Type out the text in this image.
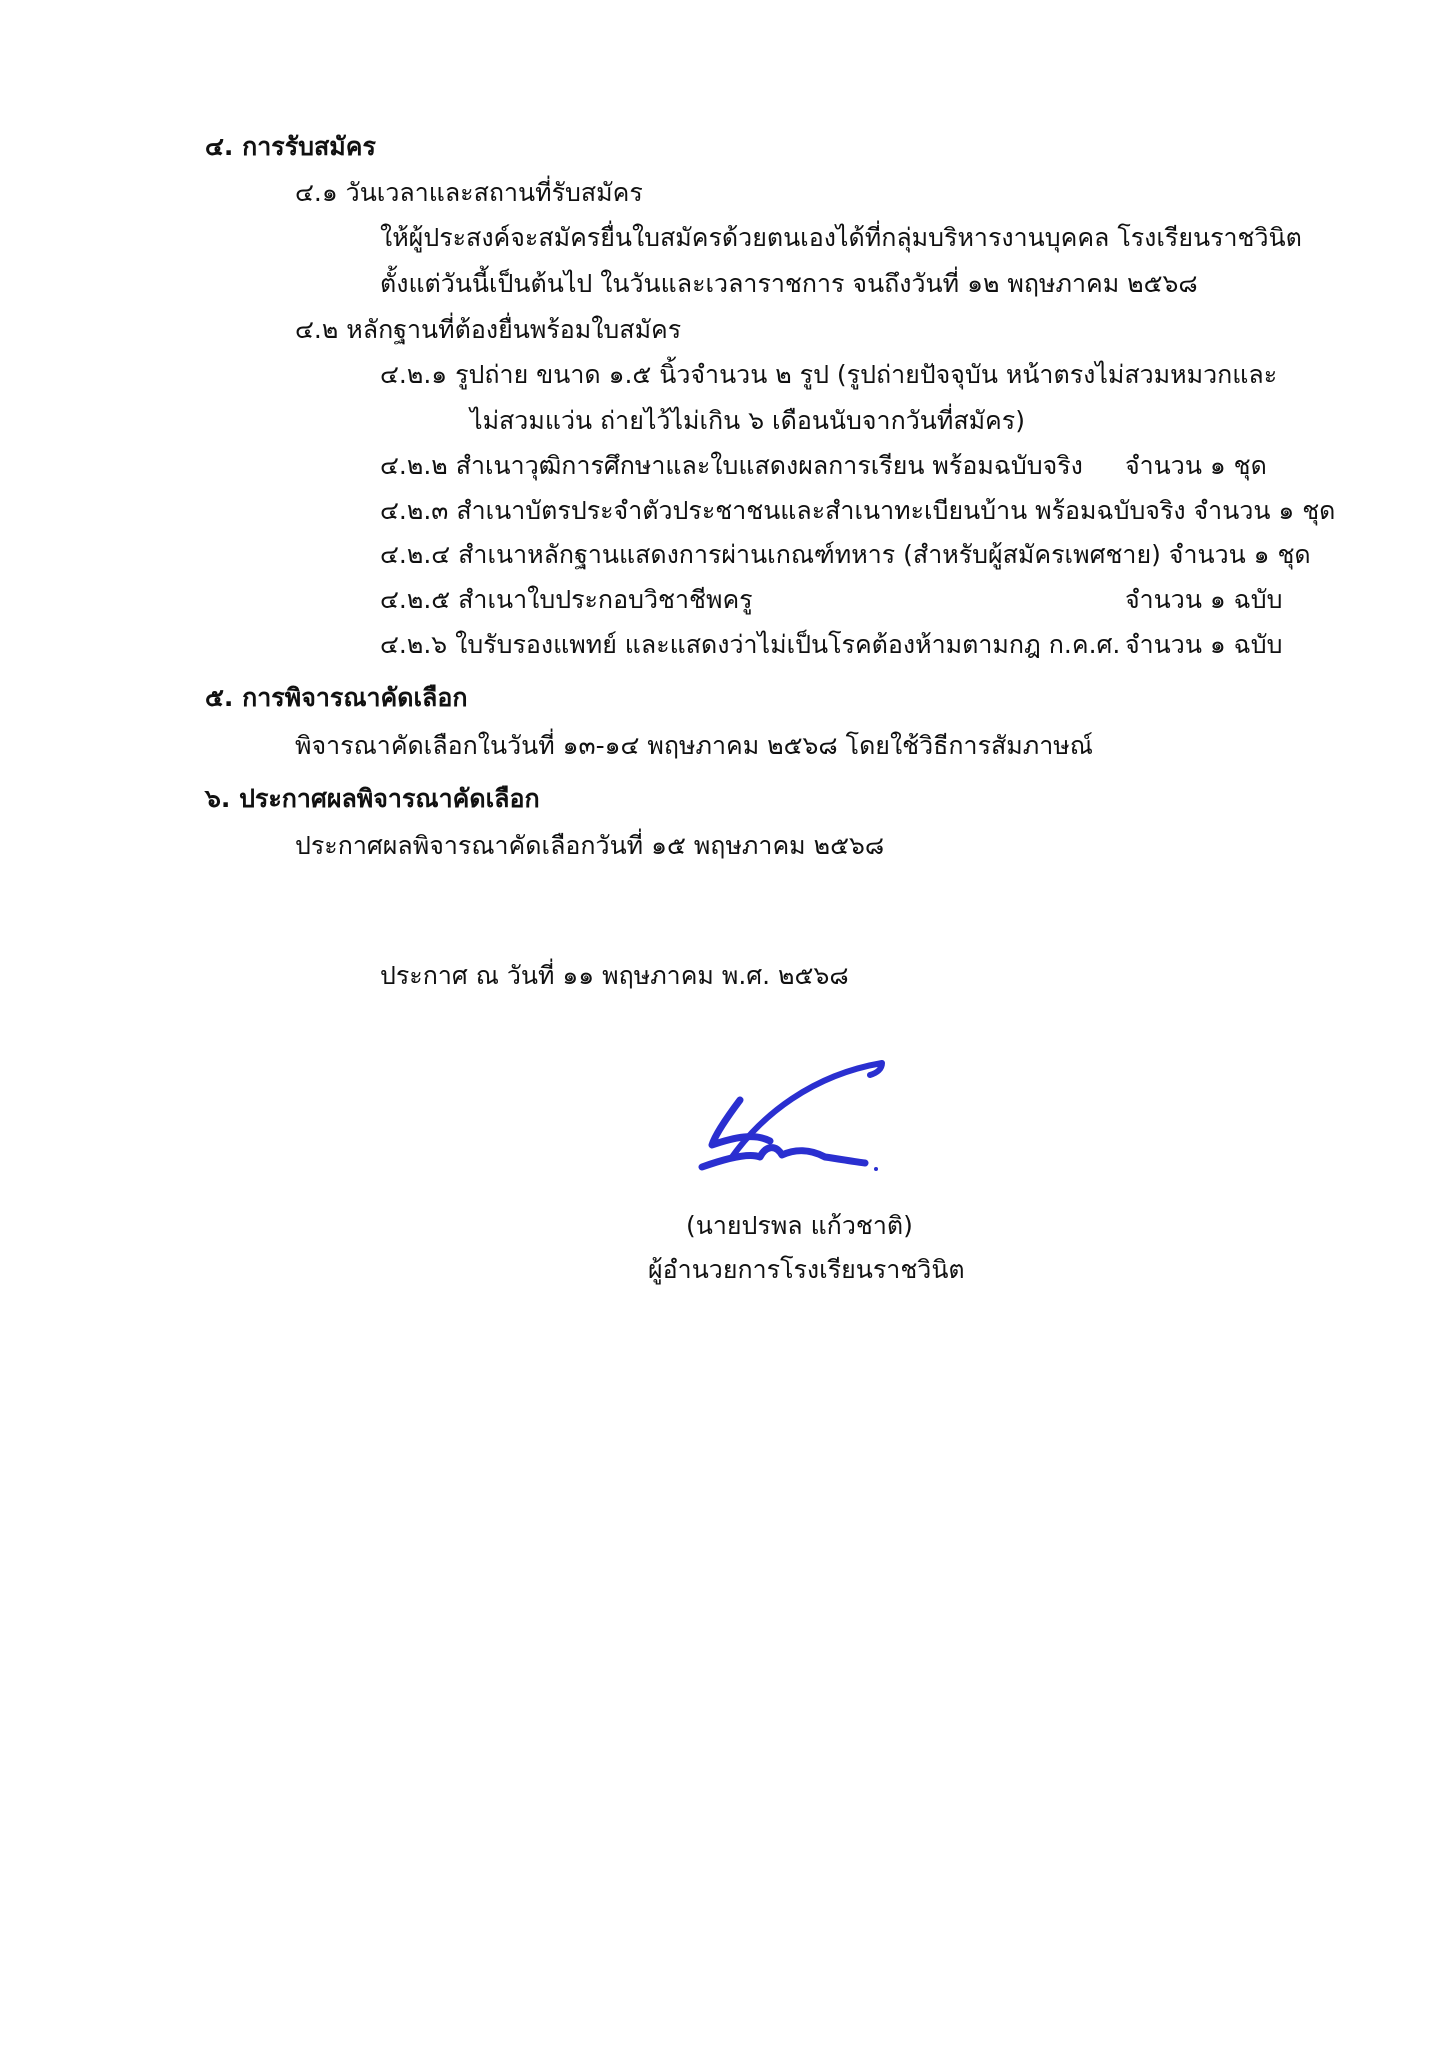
๔. การรับสมัคร
๔.๑ วันเวลาและสถานที่รับสมัคร
ให้ผู้ประสงค์จะสมัครยื่นใบสมัครด้วยตนเองได้ที่กลุ่มบริหารงานบุคคล โรงเรียนราชวินิต
ตั้งแต่วันนี้เป็นต้นไป ในวันและเวลาราชการ จนถึงวันที่ ๑๒ พฤษภาคม ๒๕๖๘
๔.๒ หลักฐานที่ต้องยื่นพร้อมใบสมัคร
๔.๒.๑ รูปถ่าย ขนาด ๑.๕ นิ้วจำนวน ๒ รูป (รูปถ่ายปัจจุบัน หน้าตรงไม่สวมหมวกและ
ไม่สวมแว่น ถ่ายไว้ไม่เกิน ๖ เดือนนับจากวันที่สมัคร)
๔.๒.๒ สำเนาวุฒิการศึกษาและใบแสดงผลการเรียน พร้อมฉบับจริง จำนวน ๑ ชุด
๔.๒.๓ สำเนาบัตรประจำตัวประชาชนและสำเนาทะเบียนบ้าน พร้อมฉบับจริง จำนวน ๑ ชุด
๔.๒.๔ สำเนาหลักฐานแสดงการผ่านเกณฑ์ทหาร (สำหรับผู้สมัครเพศชาย) จำนวน ๑ ชุด
๔.๒.๕ สำเนาใบประกอบวิชาชีพครู	จำนวน ๑ ฉบับ
๔.๒.๖ ใบรับรองแพทย์ และแสดงว่าไม่เป็นโรคต้องห้ามตามกฎ ก.ค.ศ. จำนวน ๑ ฉบับ
๕. การพิจารณาคัดเลือก
พิจารณาคัดเลือกในวันที่ ๑๓-๑๔ พฤษภาคม ๒๕๖๘ โดยใช้วิธีการสัมภาษณ์
๖. ประกาศผลพิจารณาคัดเลือก
ประกาศผลพิจารณาคัดเลือกวันที่ ๑๕ พฤษภาคม ๒๕๖๘
ประกาศ ณ วันที่ ๑๑ พฤษภาคม พ.ศ. ๒๕๖๘
(นายปรพล แก้วชาติ)
ผู้อำนวยการโรงเรียนราชวินิต
